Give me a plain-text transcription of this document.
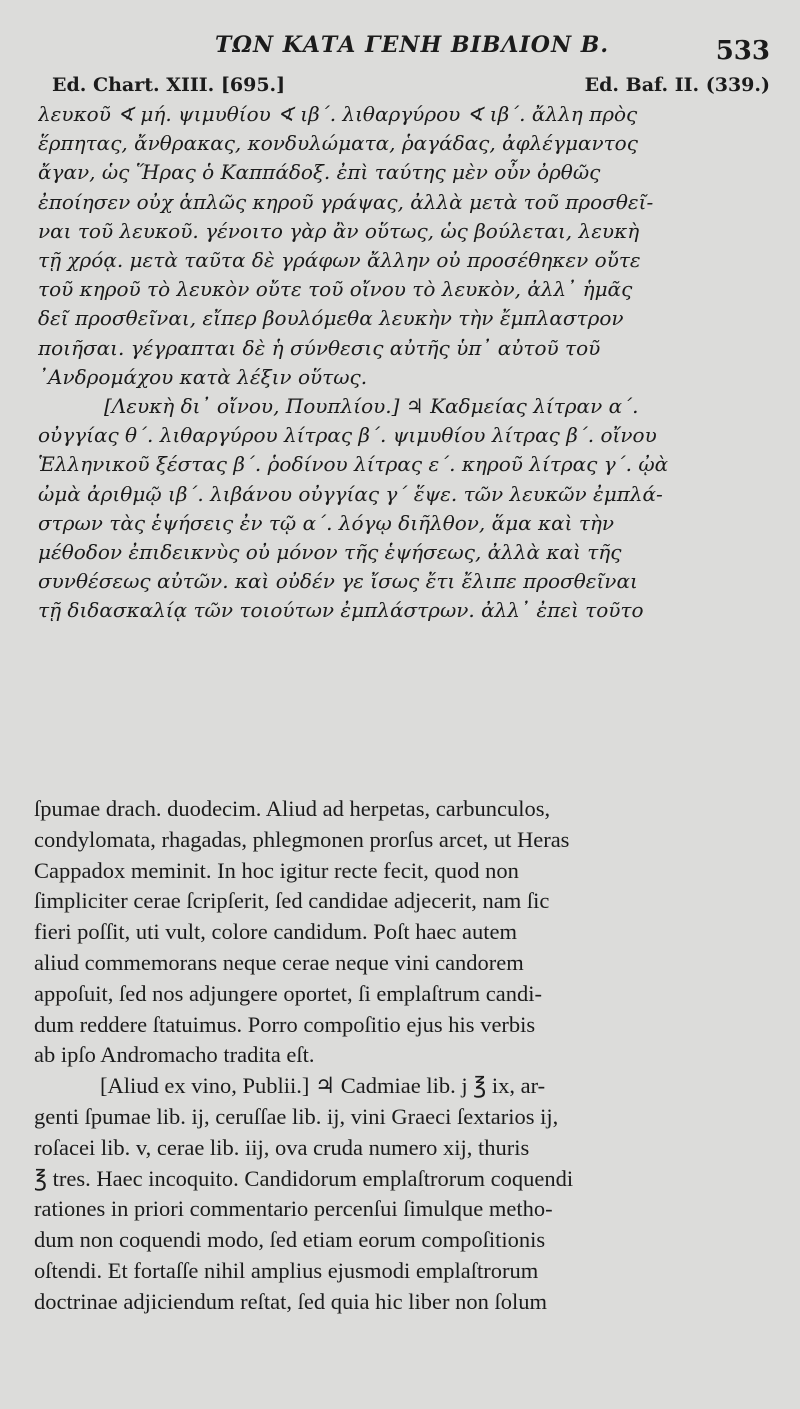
ΤΩΝ ΚΑΤΑ ΓΕΝΗ ΒΙΒΛΙΟΝ Β.	533
Ed. Chart. XIII. [695.]	Ed. Baf. II. (339.)
λευκοῦ ∢ μή. ψιμυθίου ∢ ιβ΄. λιθαργύρου ∢ ιβ΄. ἄλλη πρὸς
ἕρπητας, ἄνθρακας, κονδυλώματα, ῥαγάδας, ἀφλέγμαντος
ἄγαν, ὡς Ἥρας ὁ Καππάδοξ. ἐπὶ ταύτης μὲν οὖν ὀρθῶς
ἐποίησεν οὐχ ἁπλῶς κηροῦ γράψας, ἀλλὰ μετὰ τοῦ προσθεῖ-
ναι τοῦ λευκοῦ. γένοιτο γὰρ ἂν οὕτως, ὡς βούλεται, λευκὴ
τῇ χρόᾳ. μετὰ ταῦτα δὲ γράφων ἄλλην οὐ προσέθηκεν οὔτε
τοῦ κηροῦ τὸ λευκὸν οὔτε τοῦ οἴνου τὸ λευκὸν, ἀλλ᾽ ἡμᾶς
δεῖ προσθεῖναι, εἴπερ βουλόμεθα λευκὴν τὴν ἔμπλαστρον
ποιῆσαι. γέγραπται δὲ ἡ σύνθεσις αὐτῆς ὑπ᾽ αὐτοῦ τοῦ
᾿Ανδρομάχου κατὰ λέξιν οὕτως.
[Λευκὴ δι᾽ οἴνου, Πουπλίου.] ♃ Καδμείας λίτραν α΄.
οὐγγίας θ΄. λιθαργύρου λίτρας β΄. ψιμυθίου λίτρας β΄. οἴνου
Ἑλληνικοῦ ξέστας β΄. ῥοδίνου λίτρας ε΄. κηροῦ λίτρας γ΄. ᾠὰ
ὠμὰ ἀριθμῷ ιβ΄. λιβάνου οὐγγίας γ΄ ἕψε. τῶν λευκῶν ἐμπλά-
στρων τὰς ἑψήσεις ἐν τῷ α΄. λόγῳ διῆλθον, ἅμα καὶ τὴν
μέθοδον ἐπιδεικνὺς οὐ μόνον τῆς ἑψήσεως, ἀλλὰ καὶ τῆς
συνθέσεως αὐτῶν. καὶ οὐδέν γε ἴσως ἔτι ἔλιπε προσθεῖναι
τῇ διδασκαλίᾳ τῶν τοιούτων ἐμπλάστρων. ἀλλ᾽ ἐπεὶ τοῦτο
ſpumae drach. duodecim. Aliud ad herpetas, carbunculos,
condylomata, rhagadas, phlegmonen prorſus arcet, ut Heras
Cappadox meminit. In hoc igitur recte fecit, quod non
ſimpliciter cerae ſcripſerit, ſed candidae adjecerit, nam ſic
fieri poſſit, uti vult, colore candidum. Poſt haec autem
aliud commemorans neque cerae neque vini candorem
appoſuit, ſed nos adjungere oportet, ſi emplaſtrum candi-
dum reddere ſtatuimus. Porro compoſitio ejus his verbis
ab ipſo Andromacho tradita eſt.
[Aliud ex vino, Publii.] ♃ Cadmiae lib. j ℥ ix, ar-
genti ſpumae lib. ij, ceruſſae lib. ij, vini Graeci ſextarios ij,
roſacei lib. v, cerae lib. iij, ova cruda numero xij, thuris
℥ tres. Haec incoquito. Candidorum emplaſtrorum coquendi
rationes in priori commentario percenſui ſimulque metho-
dum non coquendi modo, ſed etiam eorum compoſitionis
oſtendi. Et fortaſſe nihil amplius ejusmodi emplaſtrorum
doctrinae adjiciendum reſtat, ſed quia hic liber non ſolum
